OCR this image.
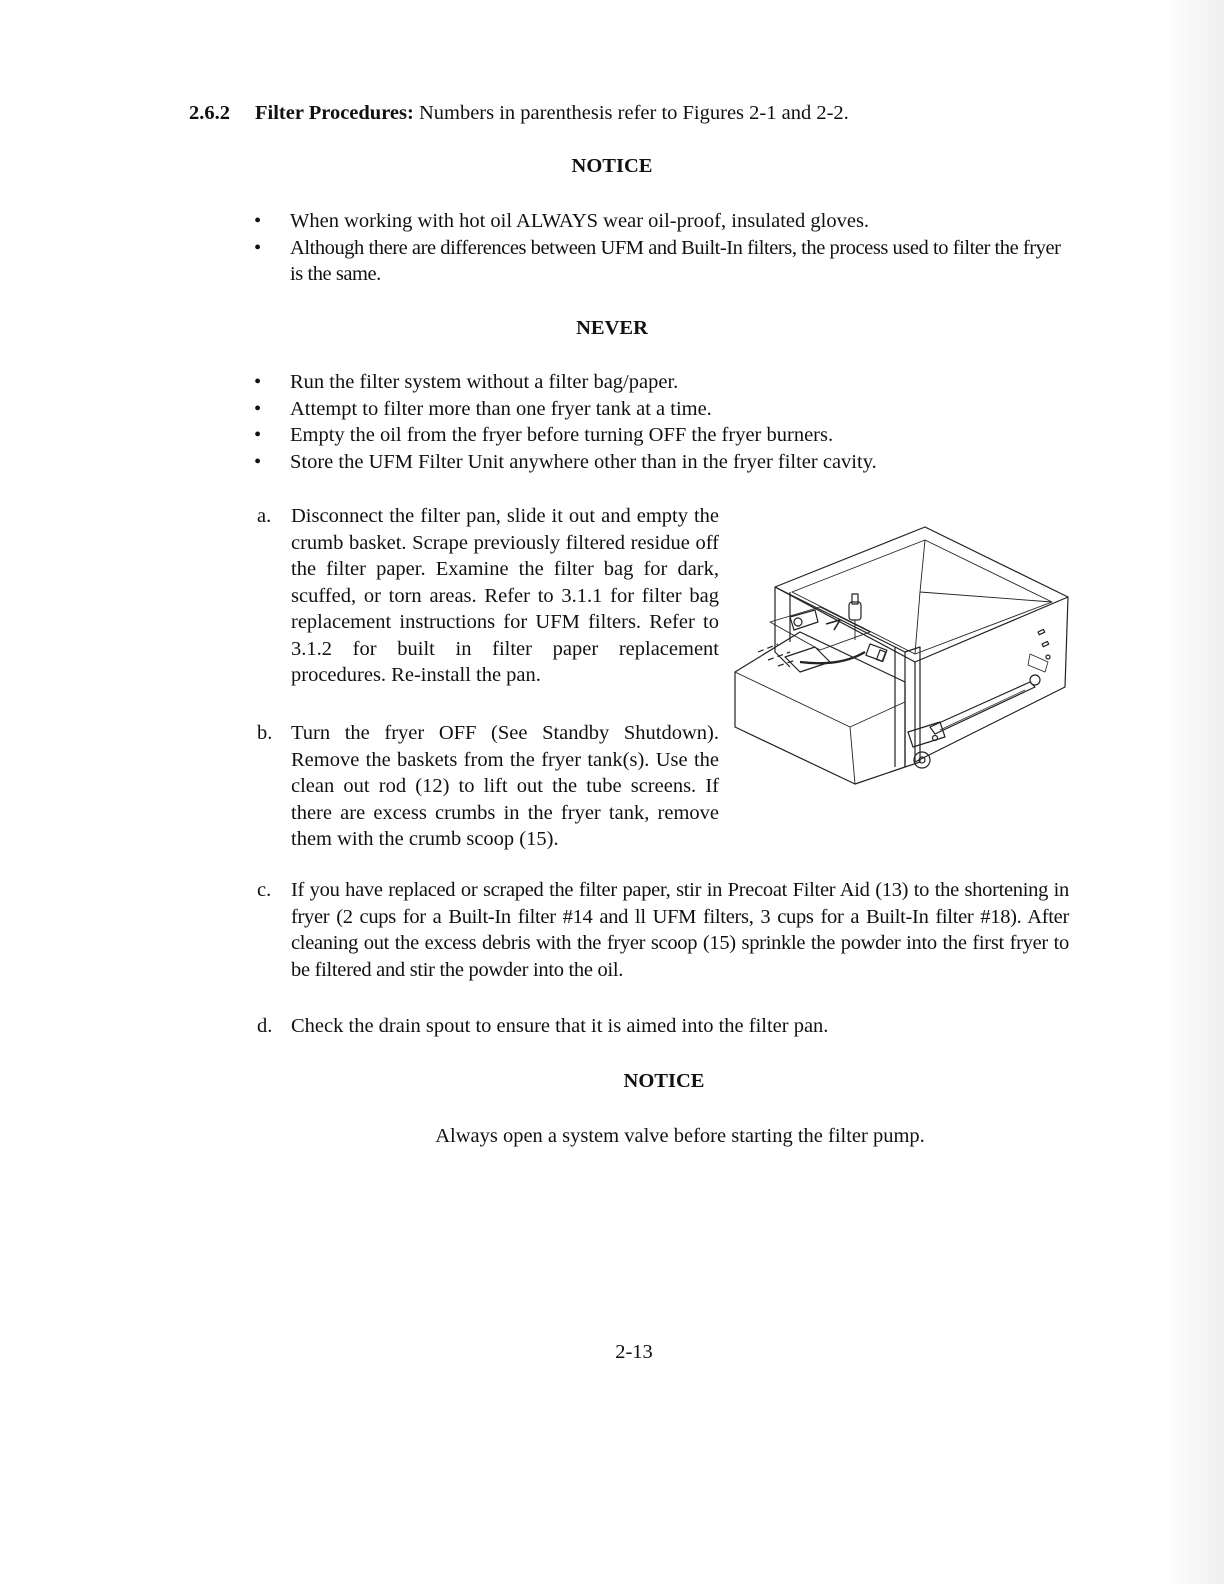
2.6.2 Filter Procedures: Numbers in parenthesis refer to Figures 2-1 and 2-2.
NOTICE
• When working with hot oil ALWAYS wear oil-proof, insulated gloves.
• Although there are differences between UFM and Built-In filters, the process used to filter the fryer is the same.
NEVER
• Run the filter system without a filter bag/paper.
• Attempt to filter more than one fryer tank at a time.
• Empty the oil from the fryer before turning OFF the fryer burners.
• Store the UFM Filter Unit anywhere other than in the fryer filter cavity.
a. Disconnect the filter pan, slide it out and empty the crumb basket. Scrape previously filtered residue off the filter paper. Examine the filter bag for dark, scuffed, or torn areas. Refer to 3.1.1 for filter bag replacement instructions for UFM filters. Refer to 3.1.2 for built in filter paper replacement procedures. Re-install the pan.
b. Turn the fryer OFF (See Standby Shutdown). Remove the baskets from the fryer tank(s). Use the clean out rod (12) to lift out the tube screens. If there are excess crumbs in the fryer tank, remove them with the crumb scoop (15).
c. If you have replaced or scraped the filter paper, stir in Precoat Filter Aid (13) to the shortening in fryer (2 cups for a Built-In filter #14 and ll UFM filters, 3 cups for a Built-In filter #18). After cleaning out the excess debris with the fryer scoop (15) sprinkle the powder into the first fryer to be filtered and stir the powder into the oil.
d. Check the drain spout to ensure that it is aimed into the filter pan.
NOTICE
Always open a system valve before starting the filter pump.
2-13
